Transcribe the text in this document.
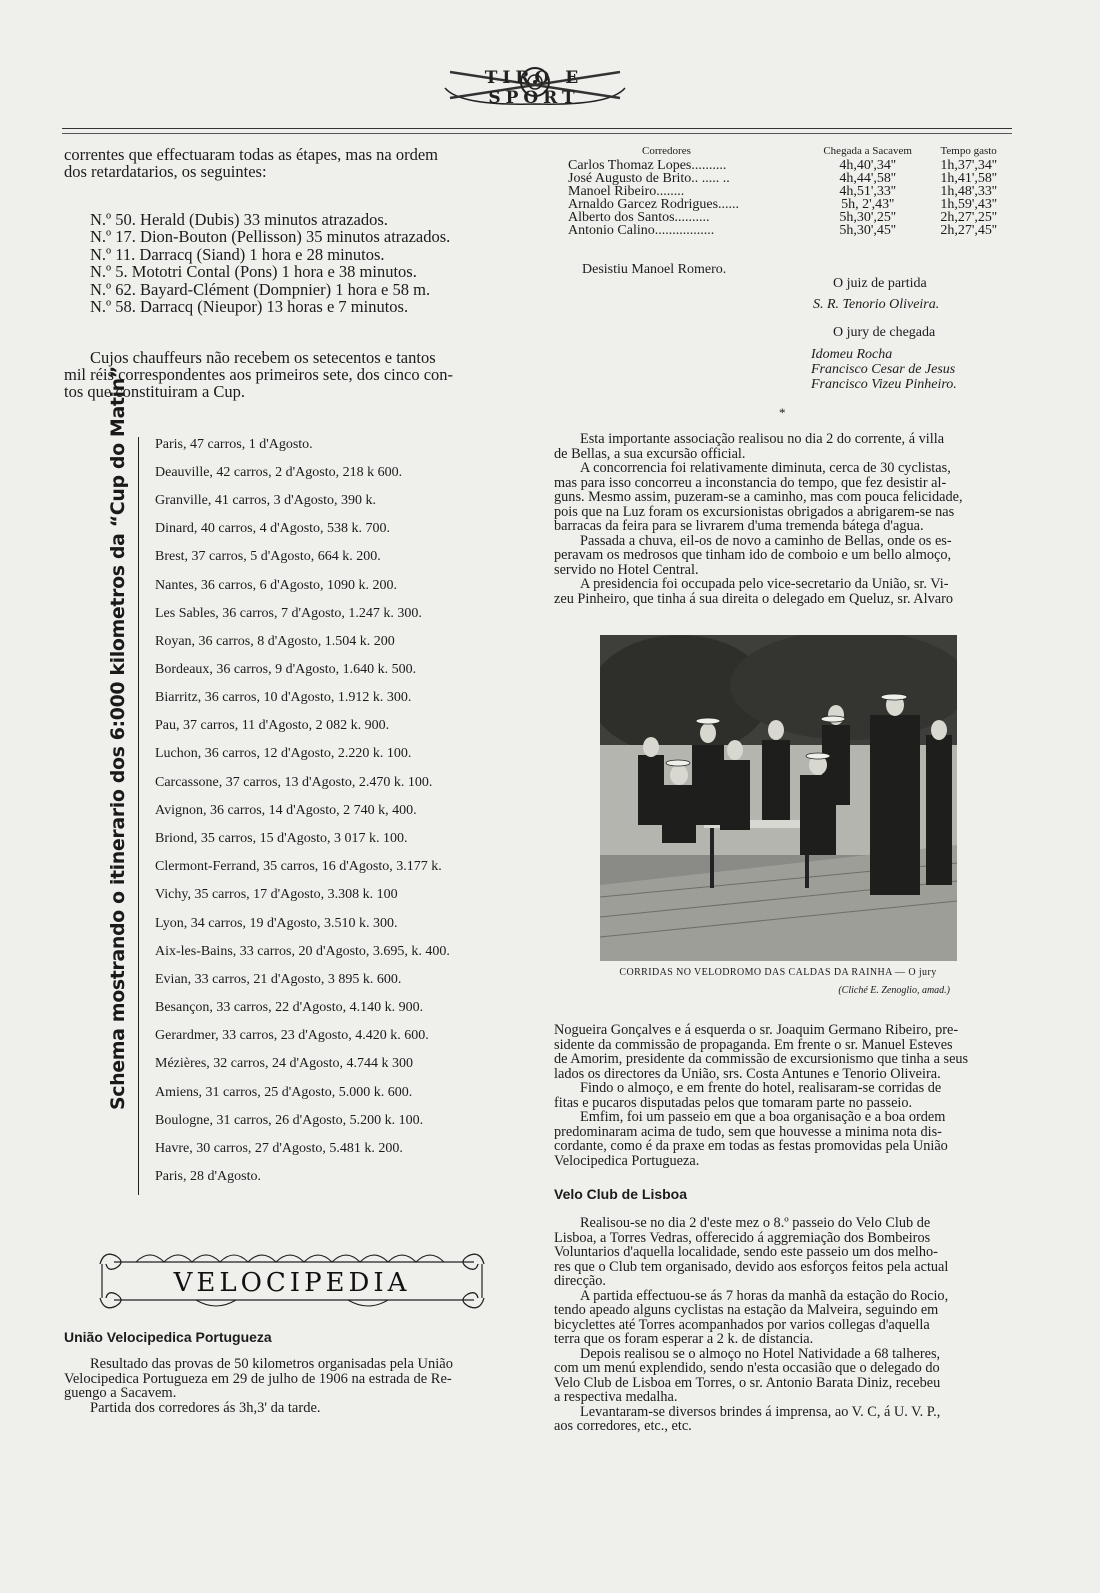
TIRO E SPORT
correntes que effectuaram todas as étapes, mas na ordem
dos retardatarios, os seguintes:
N.º 50. Herald (Dubis) 33 minutos atrazados.
N.º 17. Dion-Bouton (Pellisson) 35 minutos atrazados.
N.º 11. Darracq (Siand) 1 hora e 28 minutos.
N.º 5. Mototri Contal (Pons) 1 hora e 38 minutos.
N.º 62. Bayard-Clément (Dompnier) 1 hora e 58 m.
N.º 58. Darracq (Nieupor) 13 horas e 7 minutos.
Cujos chauffeurs não recebem os setecentos e tantos
mil réis correspondentes aos primeiros sete, dos cinco con-
tos que constituiram a Cup.
Schema mostrando o itinerario dos 6:000 kilometros da “Cup do Matin” Paris, 47 carros, 1 d'Agosto.
Deauville, 42 carros, 2 d'Agosto, 218 k 600.
Granville, 41 carros, 3 d'Agosto, 390 k.
Dinard, 40 carros, 4 d'Agosto, 538 k. 700.
Brest, 37 carros, 5 d'Agosto, 664 k. 200.
Nantes, 36 carros, 6 d'Agosto, 1090 k. 200.
Les Sables, 36 carros, 7 d'Agosto, 1.247 k. 300.
Royan, 36 carros, 8 d'Agosto, 1.504 k. 200
Bordeaux, 36 carros, 9 d'Agosto, 1.640 k. 500.
Biarritz, 36 carros, 10 d'Agosto, 1.912 k. 300.
Pau, 37 carros, 11 d'Agosto, 2 082 k. 900.
Luchon, 36 carros, 12 d'Agosto, 2.220 k. 100.
Carcassone, 37 carros, 13 d'Agosto, 2.470 k. 100.
Avignon, 36 carros, 14 d'Agosto, 2 740 k, 400.
Briond, 35 carros, 15 d'Agosto, 3 017 k. 100.
Clermont-Ferrand, 35 carros, 16 d'Agosto, 3.177 k.
Vichy, 35 carros, 17 d'Agosto, 3.308 k. 100
Lyon, 34 carros, 19 d'Agosto, 3.510 k. 300.
Aix-les-Bains, 33 carros, 20 d'Agosto, 3.695, k. 400.
Evian, 33 carros, 21 d'Agosto, 3 895 k. 600.
Besançon, 33 carros, 22 d'Agosto, 4.140 k. 900.
Gerardmer, 33 carros, 23 d'Agosto, 4.420 k. 600.
Mézières, 32 carros, 24 d'Agosto, 4.744 k 300
Amiens, 31 carros, 25 d'Agosto, 5.000 k. 600.
Boulogne, 31 carros, 26 d'Agosto, 5.200 k. 100.
Havre, 30 carros, 27 d'Agosto, 5.481 k. 200.
Paris, 28 d'Agosto.
VELOCIPEDIA
União Velocipedica Portugueza
Resultado das provas de 50 kilometros organisadas pela União
Velocipedica Portugueza em 29 de julho de 1906 na estrada de Re-
guengo a Sacavem.
Partida dos corredores ás 3h,3' da tarde.
Corredores	Chegada a Sacavem	Tempo gasto
Carlos Thomaz Lopes..........	4h,40',34''	1h,37',34''
José Augusto de Brito.. ..... ..	4h,44',58''	1h,41',58''
Manoel Ribeiro........	4h,51',33''	1h,48',33''
Arnaldo Garcez Rodrigues......	5h, 2',43''	1h,59',43''
Alberto dos Santos..........	5h,30',25''	2h,27',25''
Antonio Calino.................	5h,30',45''	2h,27',45''
Desistiu Manoel Romero.
O juiz de partida
S. R. Tenorio Oliveira.
O jury de chegada
Idomeu Rocha
Francisco Cesar de Jesus
Francisco Vizeu Pinheiro.
*
Esta importante associação realisou no dia 2 do corrente, á villa
de Bellas, a sua excursão official.
A concorrencia foi relativamente diminuta, cerca de 30 cyclistas,
mas para isso concorreu a inconstancia do tempo, que fez desistir al-
guns. Mesmo assim, puzeram-se a caminho, mas com pouca felicidade,
pois que na Luz foram os excursionistas obrigados a abrigarem-se nas
barracas da feira para se livrarem d'uma tremenda bátega d'agua.
Passada a chuva, eil-os de novo a caminho de Bellas, onde os es-
peravam os medrosos que tinham ido de comboio e um bello almoço,
servido no Hotel Central.
A presidencia foi occupada pelo vice-secretario da União, sr. Vi-
zeu Pinheiro, que tinha á sua direita o delegado em Queluz, sr. Alvaro
CORRIDAS NO VELODROMO DAS CALDAS DA RAINHA — O jury
(Cliché E. Zenoglio, amad.)
Nogueira Gonçalves e á esquerda o sr. Joaquim Germano Ribeiro, pre-
sidente da commissão de propaganda. Em frente o sr. Manuel Esteves
de Amorim, presidente da commissão de excursionismo que tinha a seus
lados os directores da União, srs. Costa Antunes e Tenorio Oliveira.
Findo o almoço, e em frente do hotel, realisaram-se corridas de
fitas e pucaros disputadas pelos que tomaram parte no passeio.
Emfim, foi um passeio em que a boa organisação e a boa ordem
predominaram acima de tudo, sem que houvesse a minima nota dis-
cordante, como é da praxe em todas as festas promovidas pela União
Velocipedica Portugueza.
Velo Club de Lisboa
Realisou-se no dia 2 d'este mez o 8.º passeio do Velo Club de
Lisboa, a Torres Vedras, offerecido á aggremiação dos Bombeiros
Voluntarios d'aquella localidade, sendo este passeio um dos melho-
res que o Club tem organisado, devido aos esforços feitos pela actual
direcção.
A partida effectuou-se ás 7 horas da manhã da estação do Rocio,
tendo apeado alguns cyclistas na estação da Malveira, seguindo em
bicyclettes até Torres acompanhados por varios collegas d'aquella
terra que os foram esperar a 2 k. de distancia.
Depois realisou se o almoço no Hotel Natividade a 68 talheres,
com um menú explendido, sendo n'esta occasião que o delegado do
Velo Club de Lisboa em Torres, o sr. Antonio Barata Diniz, recebeu
a respectiva medalha.
Levantaram-se diversos brindes á imprensa, ao V. C, á U. V. P.,
aos corredores, etc., etc.
